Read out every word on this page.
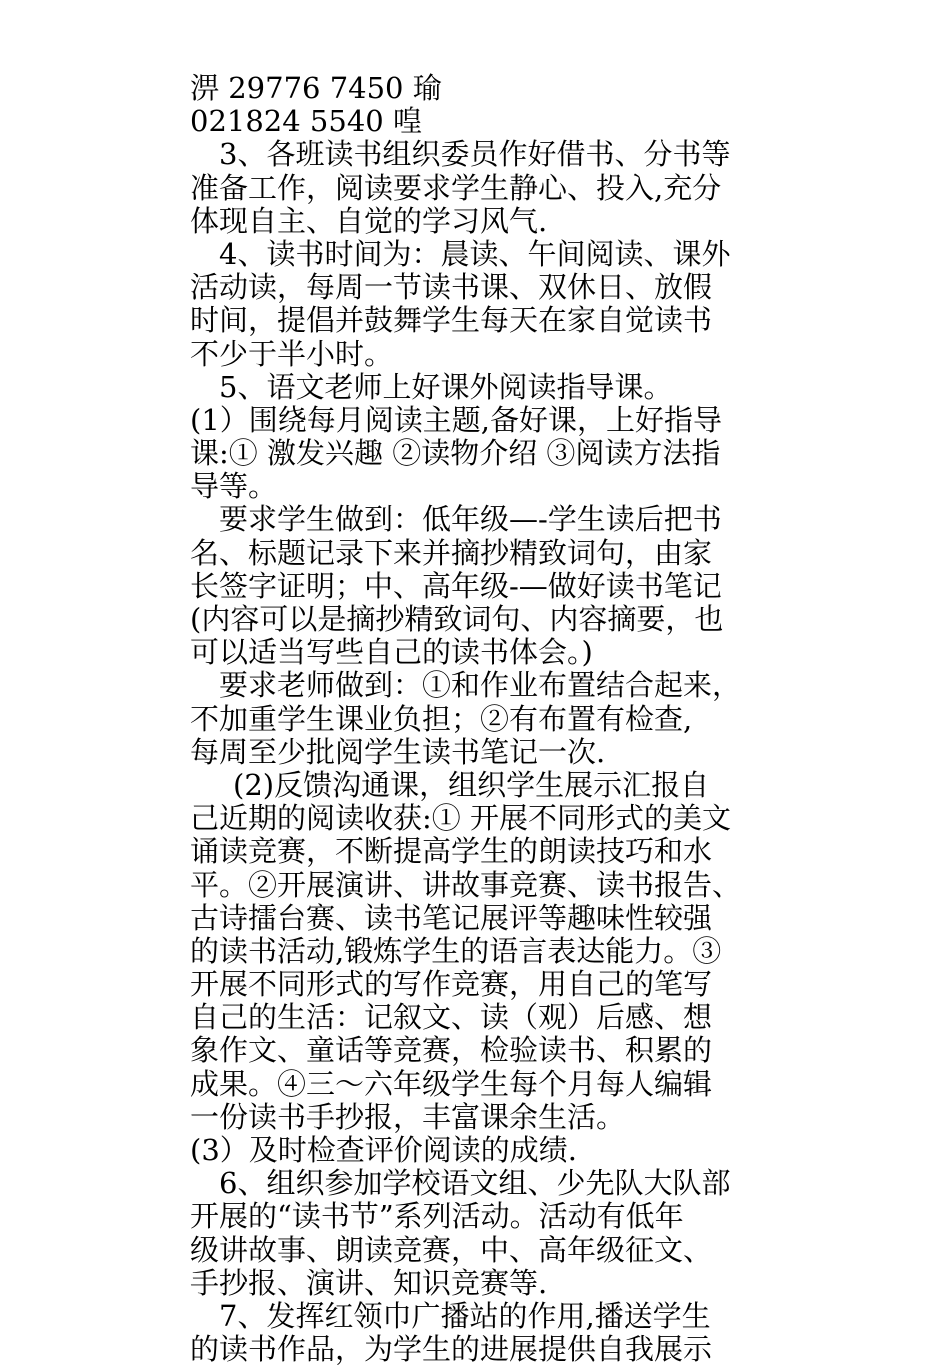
淠 29776 7450 瑜
021824 5540 喤
3、各班读书组织委员作好借书、分书等
准备工作，阅读要求学生静心、投入,充分
体现自主、自觉的学习风气.
4、读书时间为：晨读、午间阅读、课外
活动读，每周一节读书课、双休日、放假
时间，提倡并鼓舞学生每天在家自觉读书
不少于半小时。
5、语文老师上好课外阅读指导课。
(1）围绕每月阅读主题,备好课，上好指导
课:① 激发兴趣 ②读物介绍 ③阅读方法指
导等。
要求学生做到：低年级—-学生读后把书
名、标题记录下来并摘抄精致词句，由家
长签字证明；中、高年级-—做好读书笔记
(内容可以是摘抄精致词句、内容摘要，也
可以适当写些自己的读书体会。)
要求老师做到：①和作业布置结合起来，
不加重学生课业负担；②有布置有检查,
每周至少批阅学生读书笔记一次.
(2)反馈沟通课，组织学生展示汇报自
己近期的阅读收获:① 开展不同形式的美文
诵读竞赛，不断提高学生的朗读技巧和水
平。②开展演讲、讲故事竞赛、读书报告、
古诗擂台赛、读书笔记展评等趣味性较强
的读书活动,锻炼学生的语言表达能力。③
开展不同形式的写作竞赛，用自己的笔写
自己的生活：记叙文、读（观）后感、想
象作文、童话等竞赛，检验读书、积累的
成果。④三～六年级学生每个月每人编辑
一份读书手抄报，丰富课余生活。
(3）及时检查评价阅读的成绩.
6、组织参加学校语文组、少先队大队部
开展的“读书节”系列活动。活动有低年
级讲故事、朗读竞赛，中、高年级征文、
手抄报、演讲、知识竞赛等.
7、发挥红领巾广播站的作用,播送学生
的读书作品，为学生的进展提供自我展示
